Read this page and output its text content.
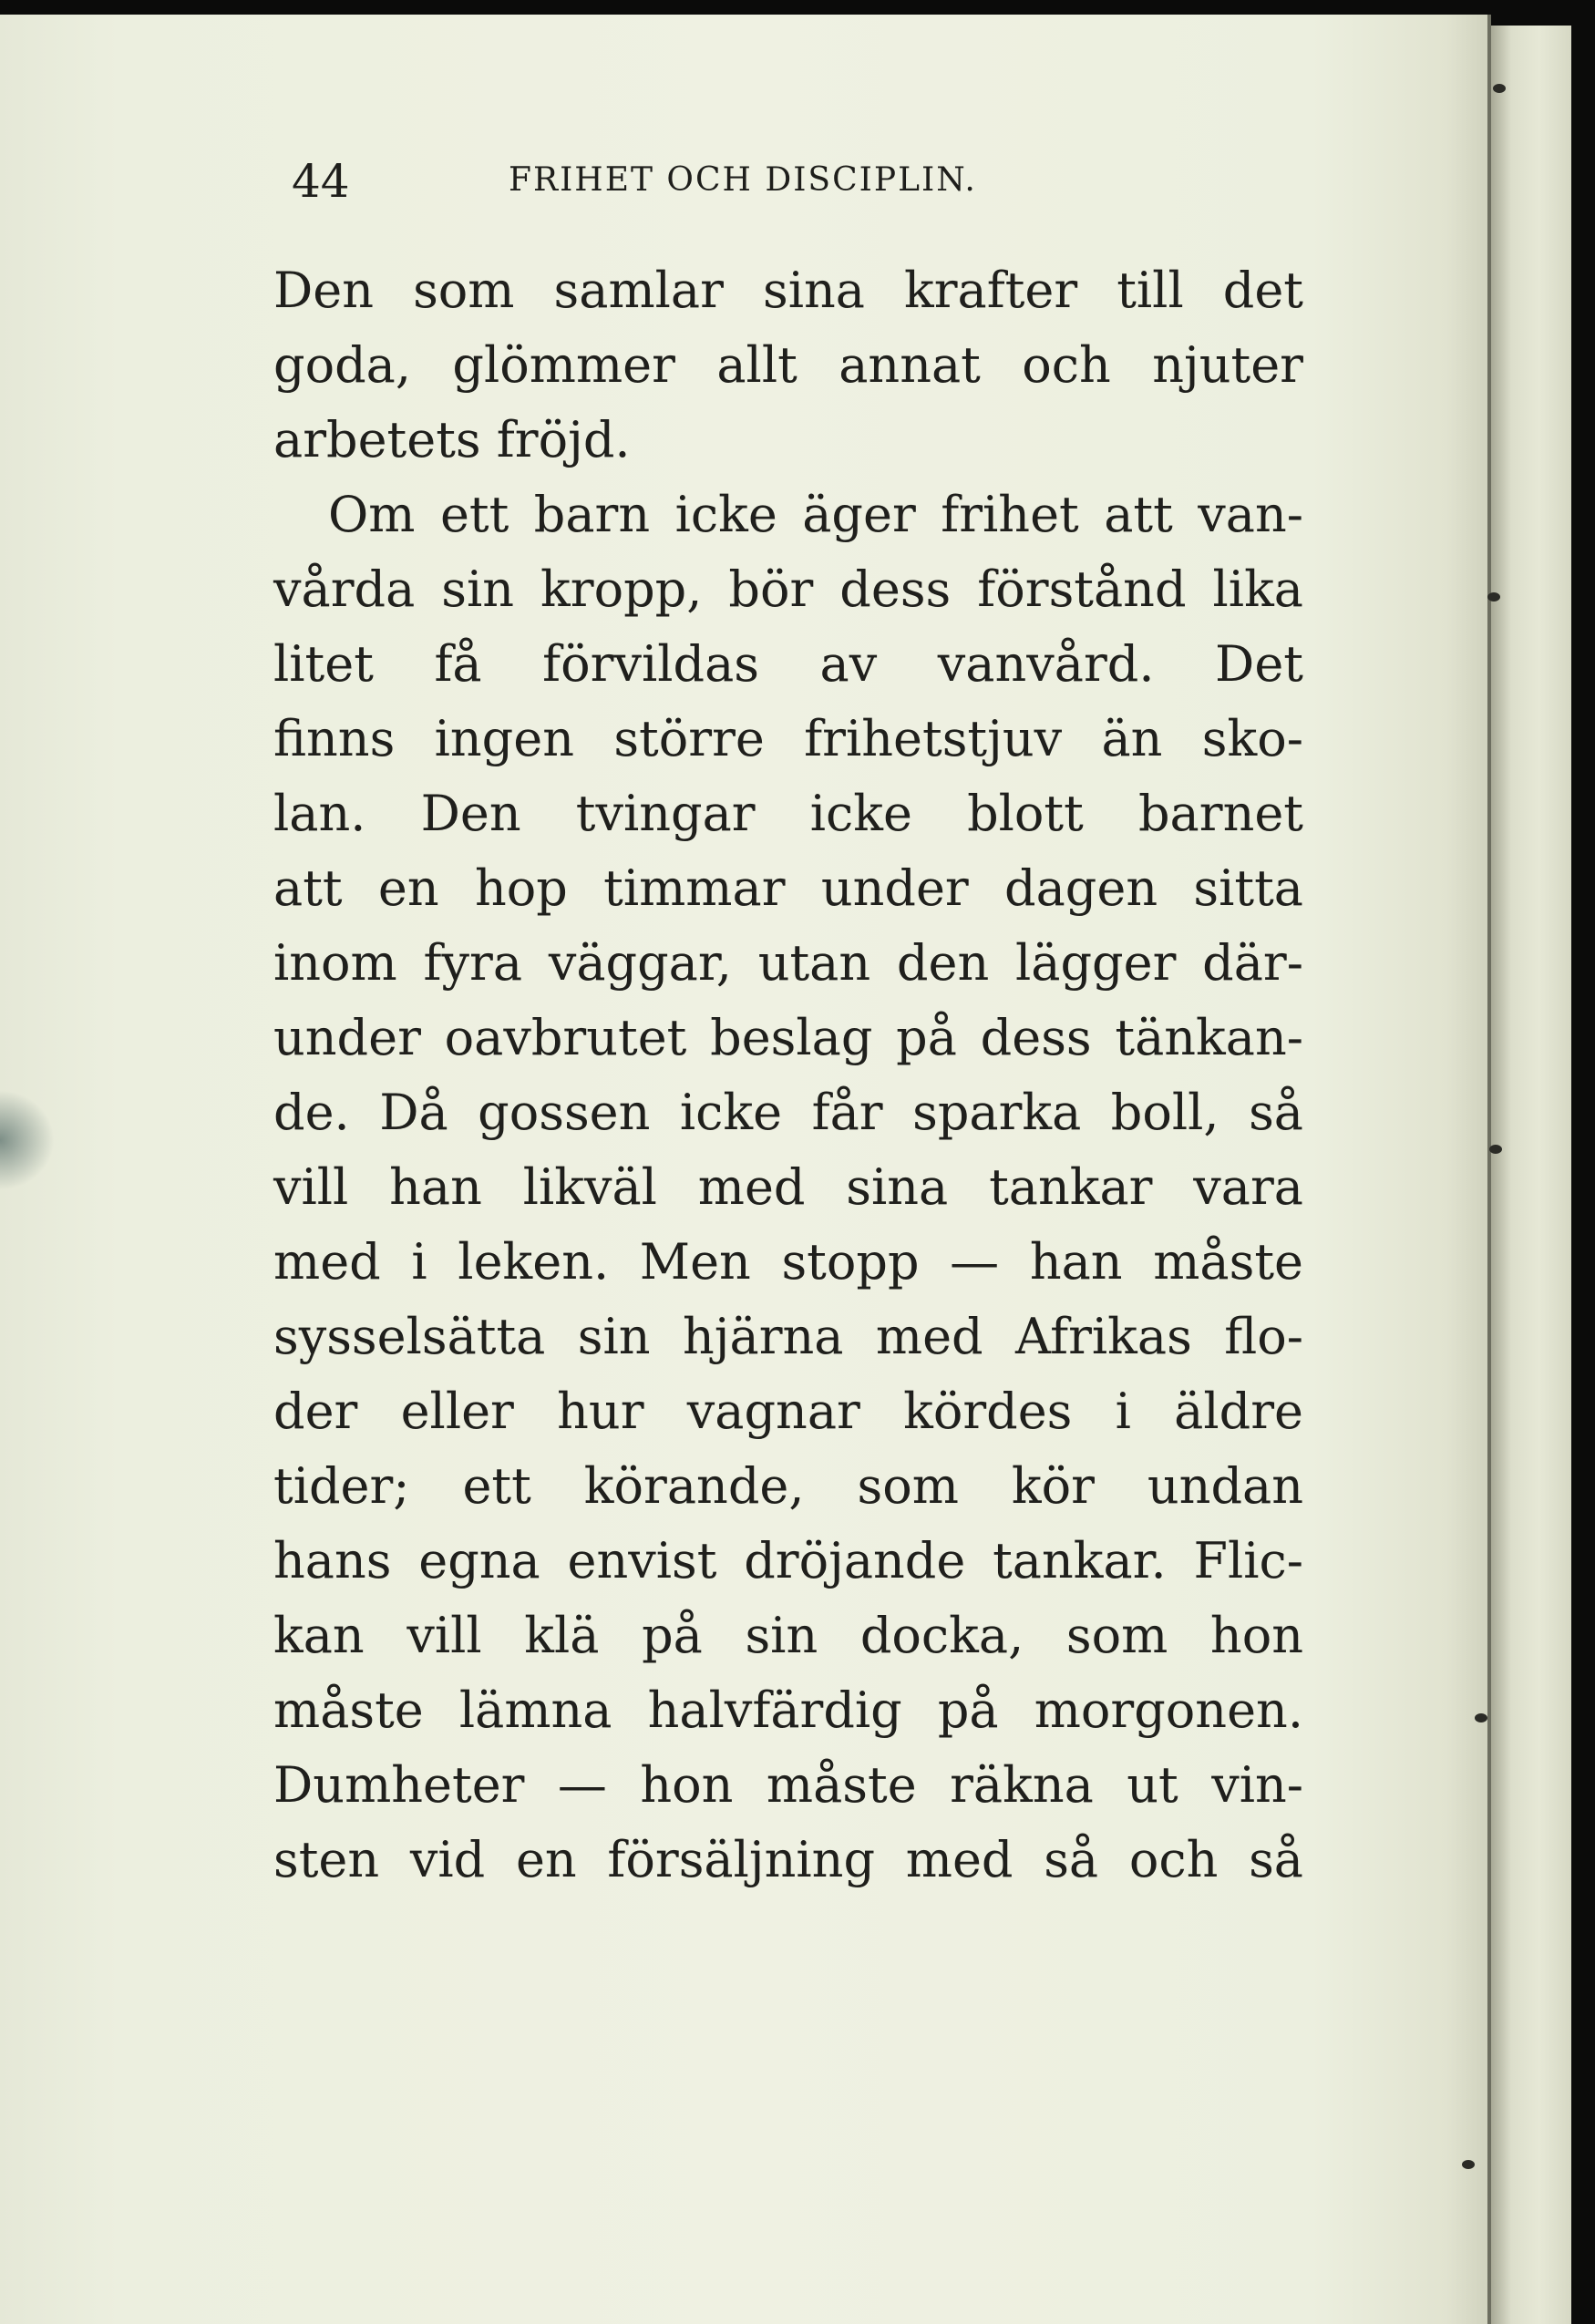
44	FRIHET OCH DISCIPLIN.
Den som samlar sina krafter till det
goda, glömmer allt annat och njuter
arbetets fröjd.
Om ett barn icke äger frihet att van-
vårda sin kropp, bör dess förstånd lika
litet få förvildas av vanvård. Det
finns ingen större frihetstjuv än sko-
lan. Den tvingar icke blott barnet
att en hop timmar under dagen sitta
inom fyra väggar, utan den lägger där-
under oavbrutet beslag på dess tänkan-
de. Då gossen icke får sparka boll, så
vill han likväl med sina tankar vara
med i leken. Men stopp — han måste
sysselsätta sin hjärna med Afrikas flo-
der eller hur vagnar kördes i äldre
tider; ett körande, som kör undan
hans egna envist dröjande tankar. Flic-
kan vill klä på sin docka, som hon
måste lämna halvfärdig på morgonen.
Dumheter — hon måste räkna ut vin-
sten vid en försäljning med så och så
